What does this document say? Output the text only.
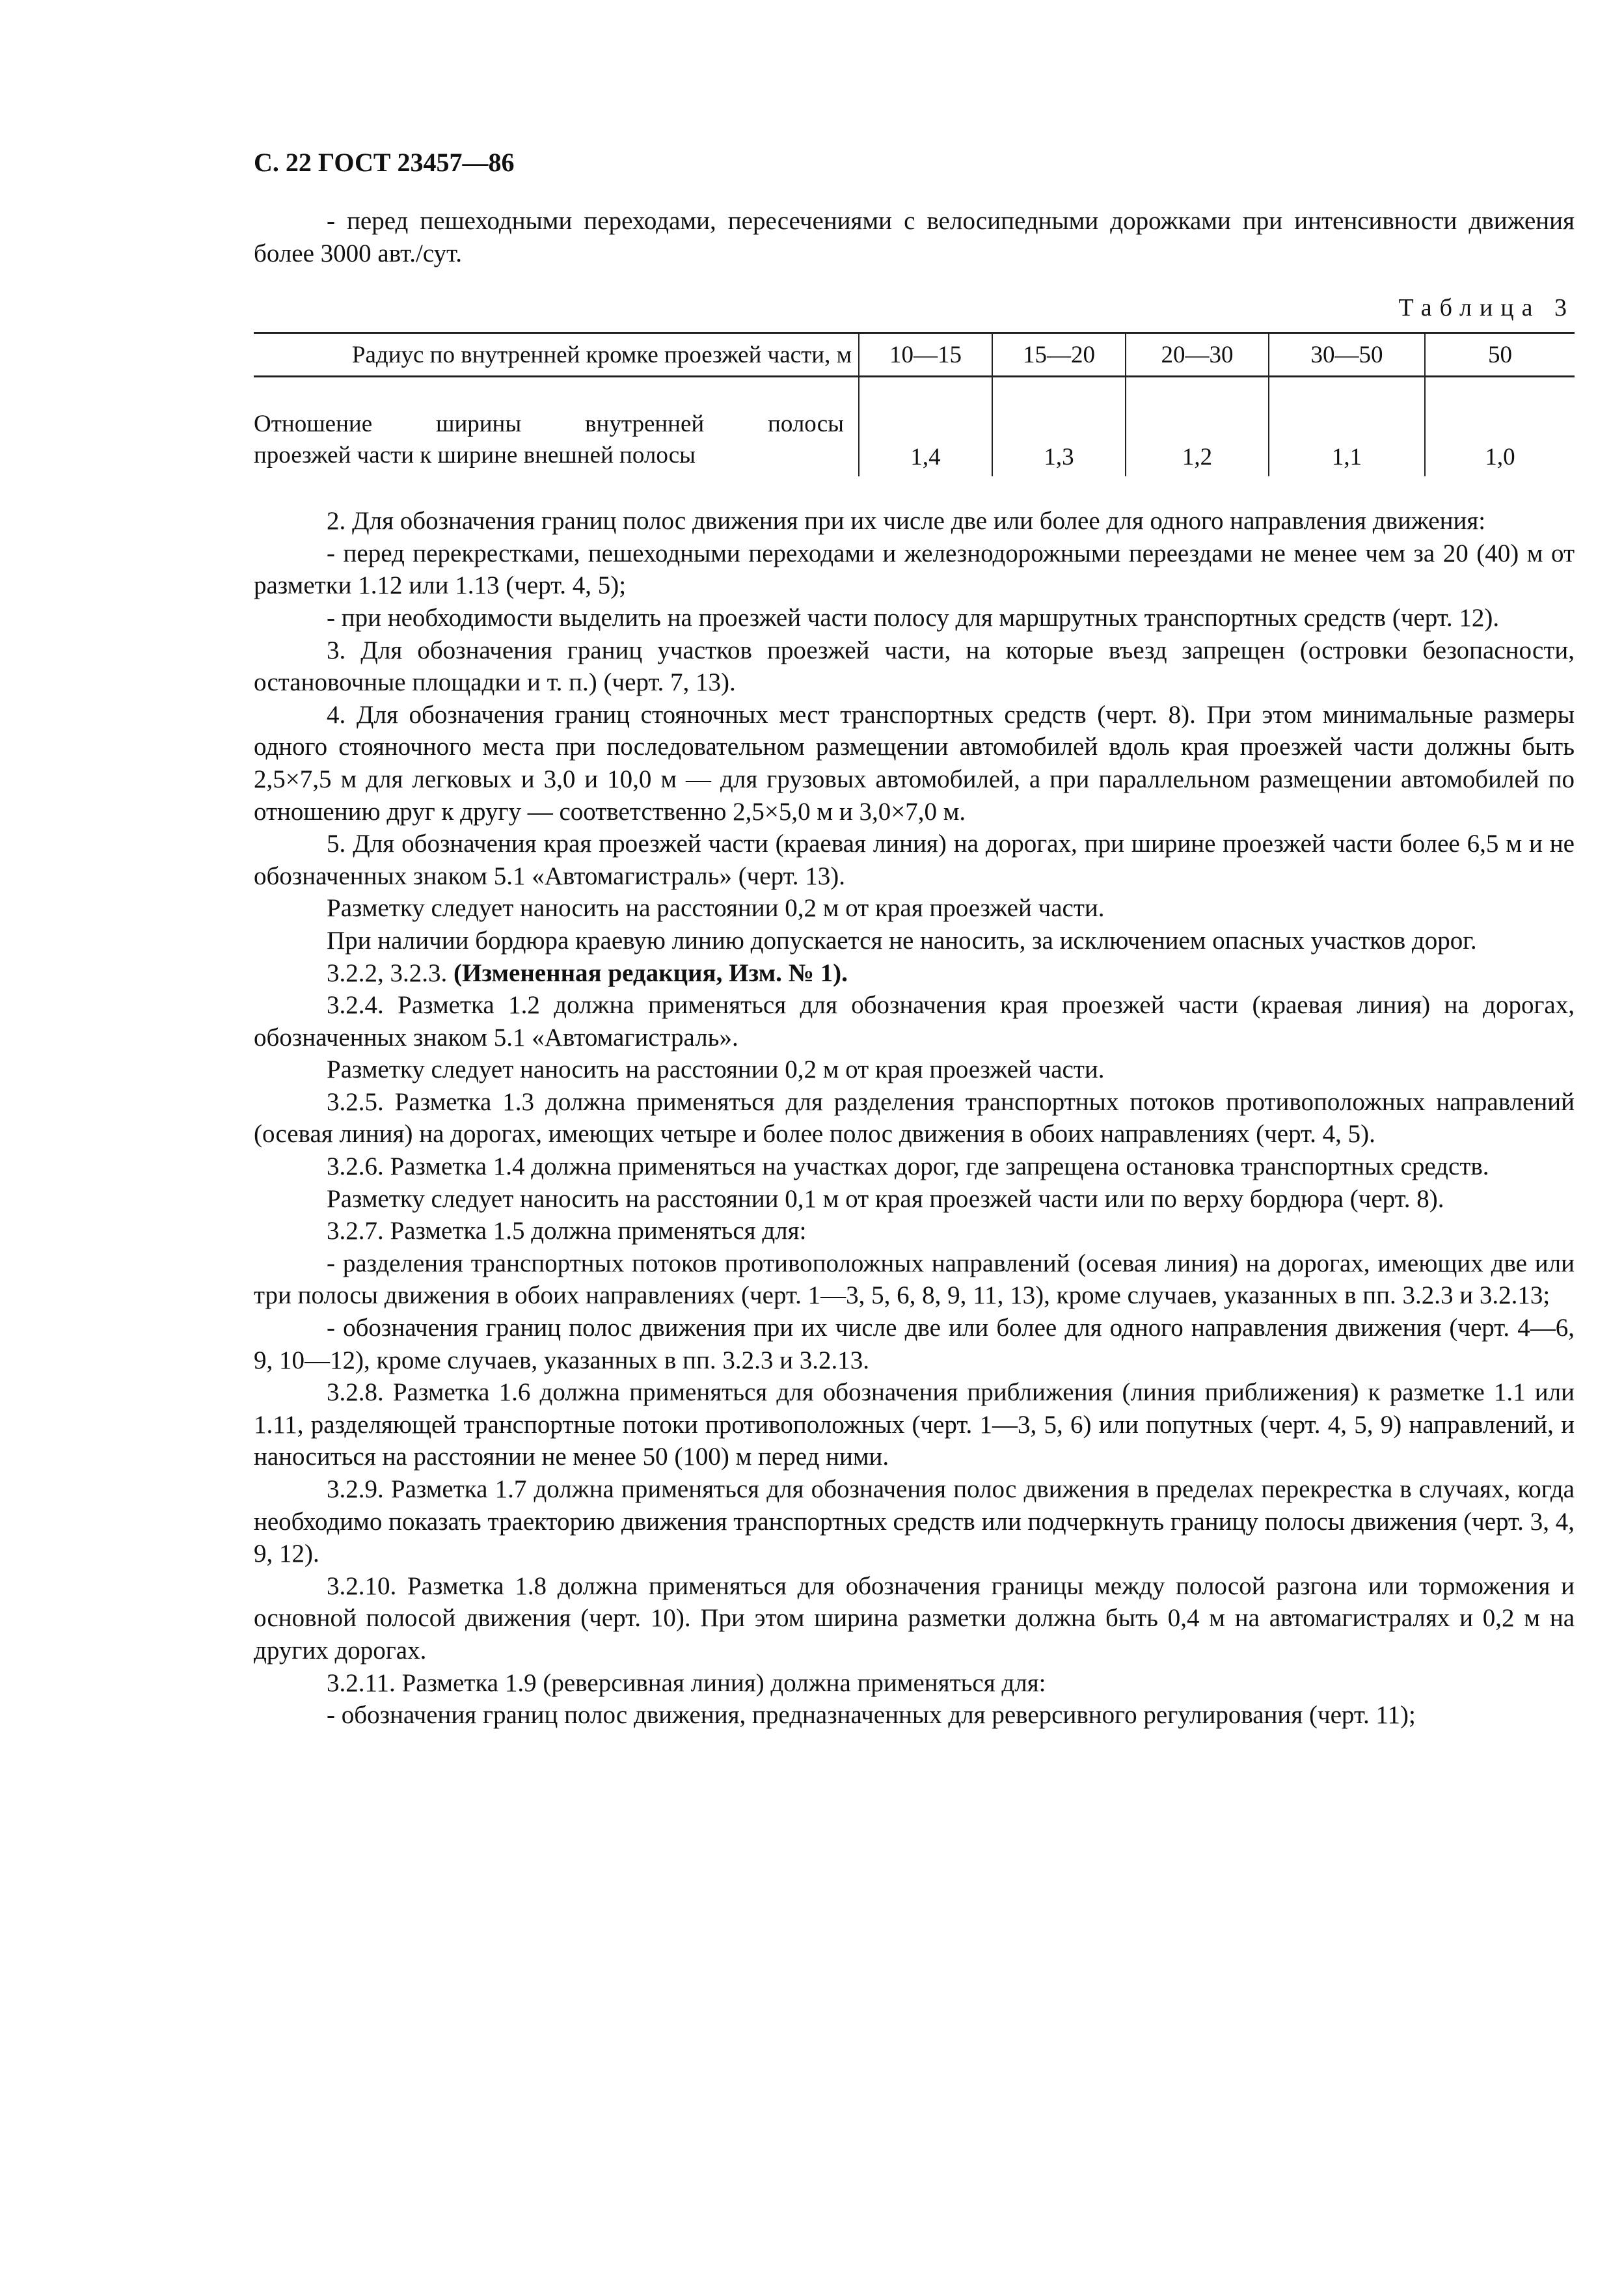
С. 22 ГОСТ 23457—86

- перед пешеходными переходами, пересечениями с велосипедными дорожками при интенсивности движения более 3000 авт./сут.

Таблица 3
Радиус по внутренней кромке проезжей части, м	10—15	15—20	20—30	30—50	50

Отношение ширины внутренней полосы
проезжей части к ширине внешней полосы	1,4	1,3	1,2	1,1	1,0

2. Для обозначения границ полос движения при их числе две или более для одного направления движения:

- перед перекрестками, пешеходными переходами и железнодорожными переездами не менее чем за 20 (40) м от разметки 1.12 или 1.13 (черт. 4, 5);

- при необходимости выделить на проезжей части полосу для маршрутных транспортных средств (черт. 12).

3. Для обозначения границ участков проезжей части, на которые въезд запрещен (островки безопасности, остановочные площадки и т. п.) (черт. 7, 13).

4. Для обозначения границ стояночных мест транспортных средств (черт. 8). При этом минимальные размеры одного стояночного места при последовательном размещении автомобилей вдоль края проезжей части должны быть 2,5×7,5 м для легковых и 3,0 и 10,0 м — для грузовых автомобилей, а при параллельном размещении автомобилей по отношению друг к другу — соответственно 2,5×5,0 м и 3,0×7,0 м.

5. Для обозначения края проезжей части (краевая линия) на дорогах, при ширине проезжей части более 6,5 м и не обозначенных знаком 5.1 «Автомагистраль» (черт. 13).

Разметку следует наносить на расстоянии 0,2 м от края проезжей части.

При наличии бордюра краевую линию допускается не наносить, за исключением опасных участков дорог.

3.2.2, 3.2.3. (Измененная редакция, Изм. № 1).

3.2.4. Разметка 1.2 должна применяться для обозначения края проезжей части (краевая линия) на дорогах, обозначенных знаком 5.1 «Автомагистраль».

Разметку следует наносить на расстоянии 0,2 м от края проезжей части.

3.2.5. Разметка 1.3 должна применяться для разделения транспортных потоков противоположных направлений (осевая линия) на дорогах, имеющих четыре и более полос движения в обоих направлениях (черт. 4, 5).

3.2.6. Разметка 1.4 должна применяться на участках дорог, где запрещена остановка транспортных средств.

Разметку следует наносить на расстоянии 0,1 м от края проезжей части или по верху бордюра (черт. 8).

3.2.7. Разметка 1.5 должна применяться для:

- разделения транспортных потоков противоположных направлений (осевая линия) на дорогах, имеющих две или три полосы движения в обоих направлениях (черт. 1—3, 5, 6, 8, 9, 11, 13), кроме случаев, указанных в пп. 3.2.3 и 3.2.13;

- обозначения границ полос движения при их числе две или более для одного направления движения (черт. 4—6, 9, 10—12), кроме случаев, указанных в пп. 3.2.3 и 3.2.13.

3.2.8. Разметка 1.6 должна применяться для обозначения приближения (линия приближения) к разметке 1.1 или 1.11, разделяющей транспортные потоки противоположных (черт. 1—3, 5, 6) или попутных (черт. 4, 5, 9) направлений, и наноситься на расстоянии не менее 50 (100) м перед ними.

3.2.9. Разметка 1.7 должна применяться для обозначения полос движения в пределах перекрестка в случаях, когда необходимо показать траекторию движения транспортных средств или подчеркнуть границу полосы движения (черт. 3, 4, 9, 12).

3.2.10. Разметка 1.8 должна применяться для обозначения границы между полосой разгона или торможения и основной полосой движения (черт. 10). При этом ширина разметки должна быть 0,4 м на автомагистралях и 0,2 м на других дорогах.

3.2.11. Разметка 1.9 (реверсивная линия) должна применяться для:

- обозначения границ полос движения, предназначенных для реверсивного регулирования (черт. 11);
